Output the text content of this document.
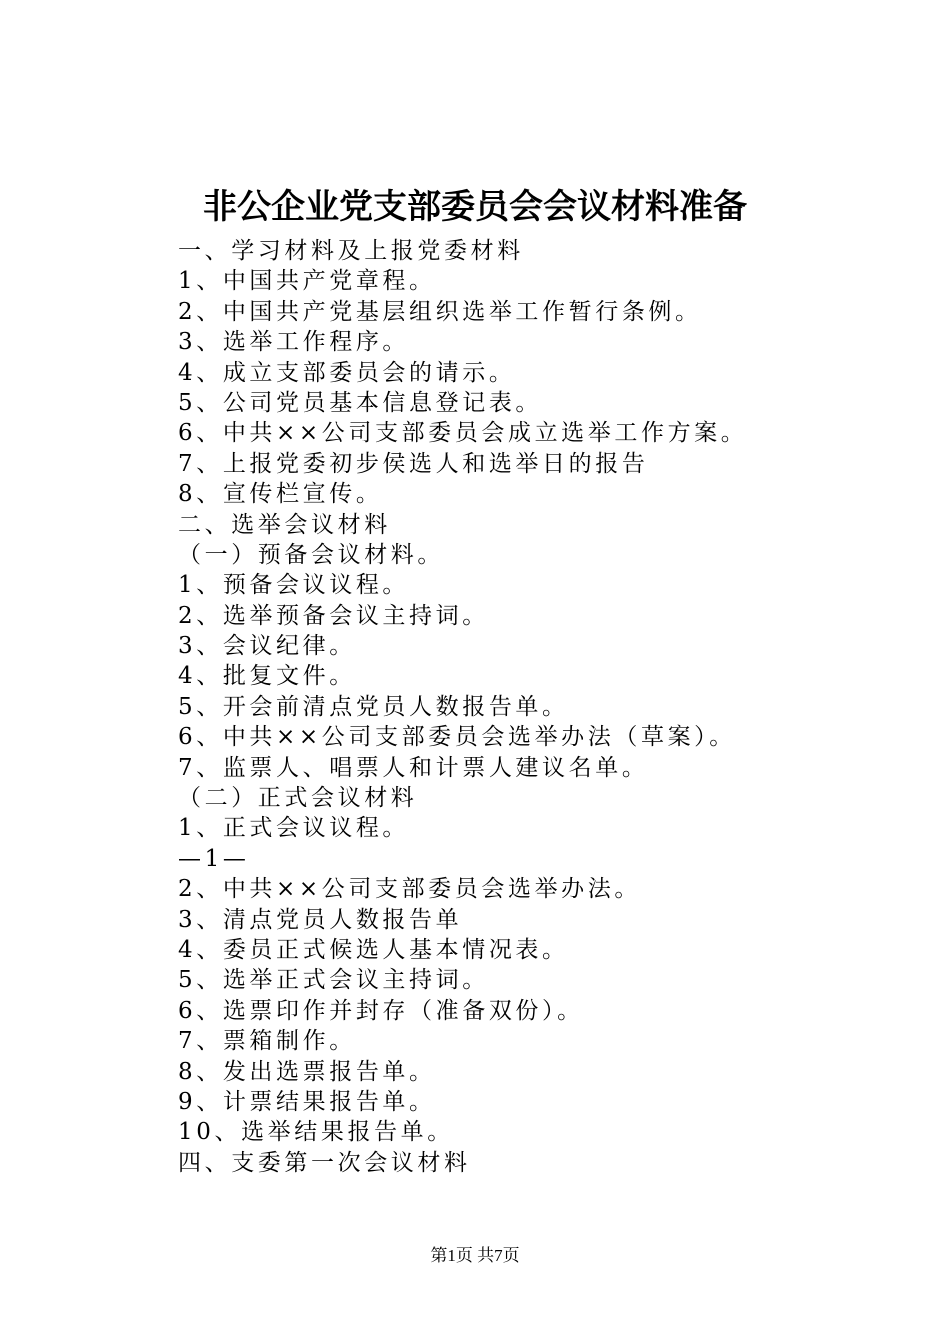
非公企业党支部委员会会议材料准备
一、学习材料及上报党委材料
1、中国共产党章程。
2、中国共产党基层组织选举工作暂行条例。
3、选举工作程序。
4、成立支部委员会的请示。
5、公司党员基本信息登记表。
6、中共××公司支部委员会成立选举工作方案。
7、上报党委初步侯选人和选举日的报告
8、宣传栏宣传。
二、选举会议材料
（一）预备会议材料。
1、预备会议议程。
2、选举预备会议主持词。
3、会议纪律。
4、批复文件。
5、开会前清点党员人数报告单。
6、中共××公司支部委员会选举办法（草案）。
7、监票人、唱票人和计票人建议名单。
（二）正式会议材料
1、正式会议议程。
—1—
2、中共××公司支部委员会选举办法。
3、清点党员人数报告单
4、委员正式候选人基本情况表。
5、选举正式会议主持词。
6、选票印作并封存（准备双份）。
7、票箱制作。
8、发出选票报告单。
9、计票结果报告单。
10、选举结果报告单。
四、支委第一次会议材料
第1页 共7页
